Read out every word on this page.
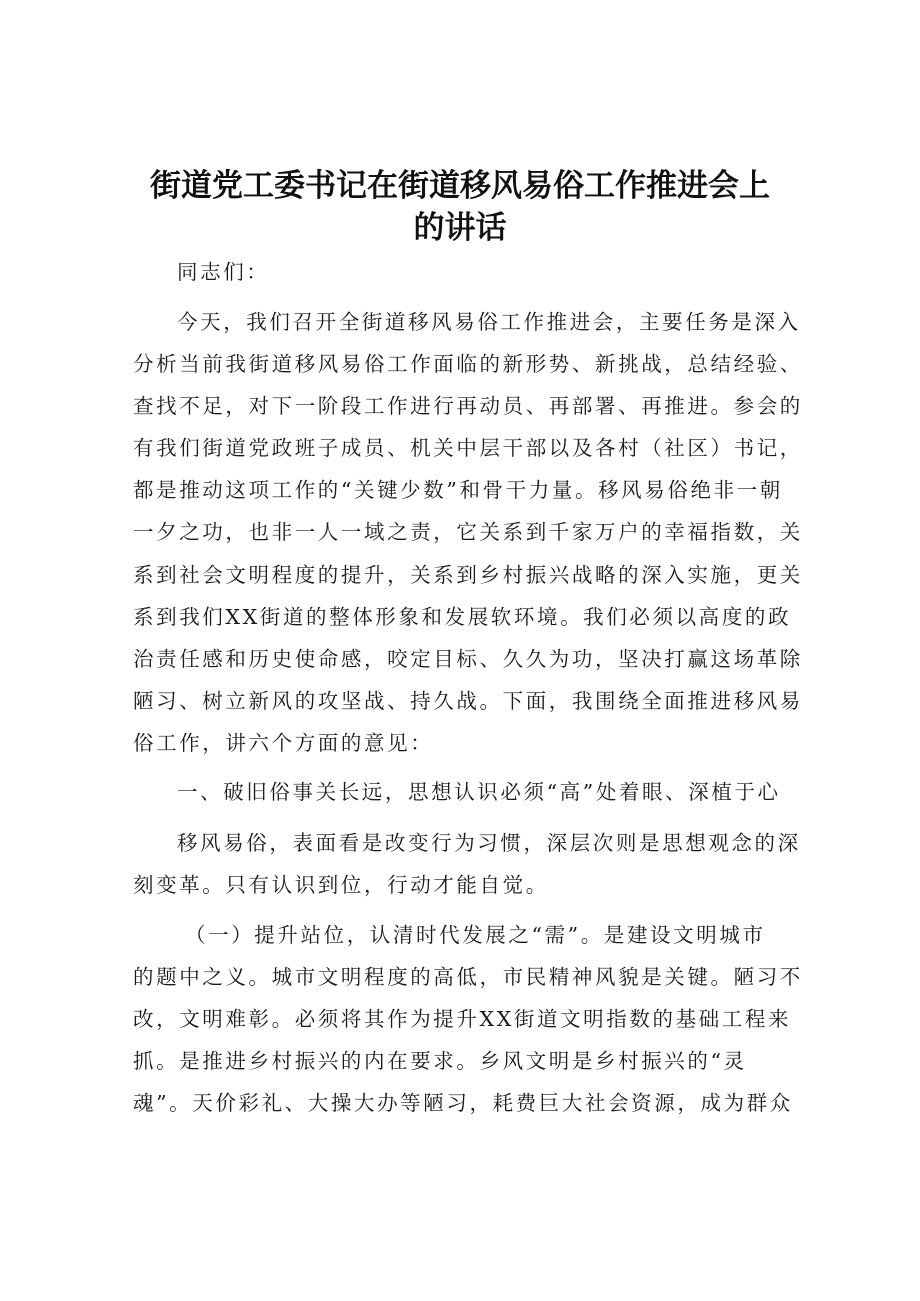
街道党工委书记在街道移风易俗工作推进会上
的讲话

同志们：

今天，我们召开全街道移风易俗工作推进会，主要任务是深入

分析当前我街道移风易俗工作面临的新形势、新挑战，总结经验、

查找不足，对下一阶段工作进行再动员、再部署、再推进。参会的

有我们街道党政班子成员、机关中层干部以及各村（社区）书记，

都是推动这项工作的“关键少数”和骨干力量。移风易俗绝非一朝

一夕之功，也非一人一域之责，它关系到千家万户的幸福指数，关

系到社会文明程度的提升，关系到乡村振兴战略的深入实施，更关

系到我们XX街道的整体形象和发展软环境。我们必须以高度的政

治责任感和历史使命感，咬定目标、久久为功，坚决打赢这场革除

陋习、树立新风的攻坚战、持久战。下面，我围绕全面推进移风易

俗工作，讲六个方面的意见：

一、破旧俗事关长远，思想认识必须“高”处着眼、深植于心

移风易俗，表面看是改变行为习惯，深层次则是思想观念的深

刻变革。只有认识到位，行动才能自觉。

（一）提升站位，认清时代发展之“需”。是建设文明城市

的题中之义。城市文明程度的高低，市民精神风貌是关键。陋习不

改，文明难彰。必须将其作为提升XX街道文明指数的基础工程来

抓。是推进乡村振兴的内在要求。乡风文明是乡村振兴的“灵

魂”。天价彩礼、大操大办等陋习，耗费巨大社会资源，成为群众
